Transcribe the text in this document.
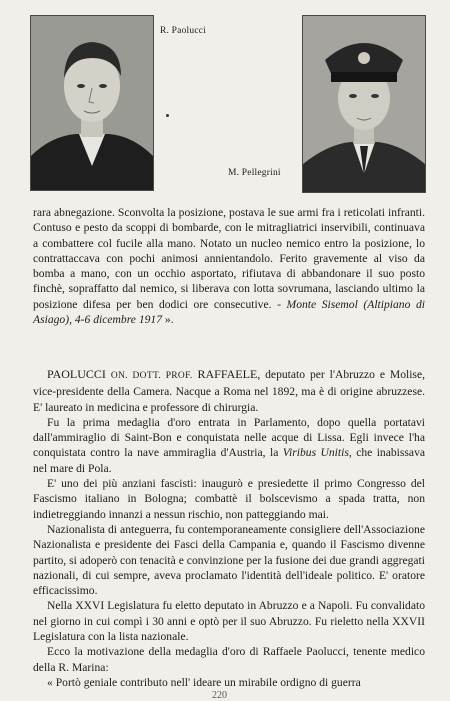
R. Paolucci
M. Pellegrini

rara abnegazione. Sconvolta la posizione, postava le sue armi fra i reticolati infranti. Contuso e pesto da scoppi di bombarde, con le mitragliatrici inservibili, continuava a combattere col fucile alla mano. Notato un nucleo nemico entro la posizione, lo contrattaccava con pochi animosi annientandolo. Ferito gravemente al viso da bomba a mano, con un occhio asportato, rifiutava di abbandonare il suo posto finchè, sopraffatto dal nemico, si liberava con lotta sovrumana, lasciando ultimo la posizione difesa per ben dodici ore consecutive. - Monte Sisemol (Altipiano di Asiago), 4-6 dicembre 1917 ».

PAOLUCCI ON. DOTT. PROF. RAFFAELE, deputato per l'Abruzzo e Molise, vice-presidente della Camera. Nacque a Roma nel 1892, ma è di origine abruzzese. E' laureato in medicina e professore di chirurgia.

Fu la prima medaglia d'oro entrata in Parlamento, dopo quella portatavi dall'ammiraglio di Saint-Bon e conquistata nelle acque di Lissa. Egli invece l'ha conquistata contro la nave ammiraglia d'Austria, la Viribus Unitis, che inabissava nel mare di Pola.

E' uno dei più anziani fascisti: inaugurò e presiedette il primo Congresso del Fascismo italiano in Bologna; combattè il bolscevismo a spada tratta, non indietreggiando innanzi a nessun rischio, non patteggiando mai.

Nazionalista di anteguerra, fu contemporaneamente consigliere dell'Associazione Nazionalista e presidente dei Fasci della Campania e, quando il Fascismo divenne partito, si adoperò con tenacità e convinzione per la fusione dei due grandi aggregati nazionali, di cui sempre, aveva proclamato l'identità dell'ideale politico. E' oratore efficacissimo.

Nella XXVI Legislatura fu eletto deputato in Abruzzo e a Napoli. Fu convalidato nel giorno in cui compì i 30 anni e optò per il suo Abruzzo. Fu rieletto nella XXVII Legislatura con la lista nazionale.

Ecco la motivazione della medaglia d'oro di Raffaele Paolucci, tenente medico della R. Marina:

« Portò geniale contributo nell' ideare un mirabile ordigno di guerra

220
